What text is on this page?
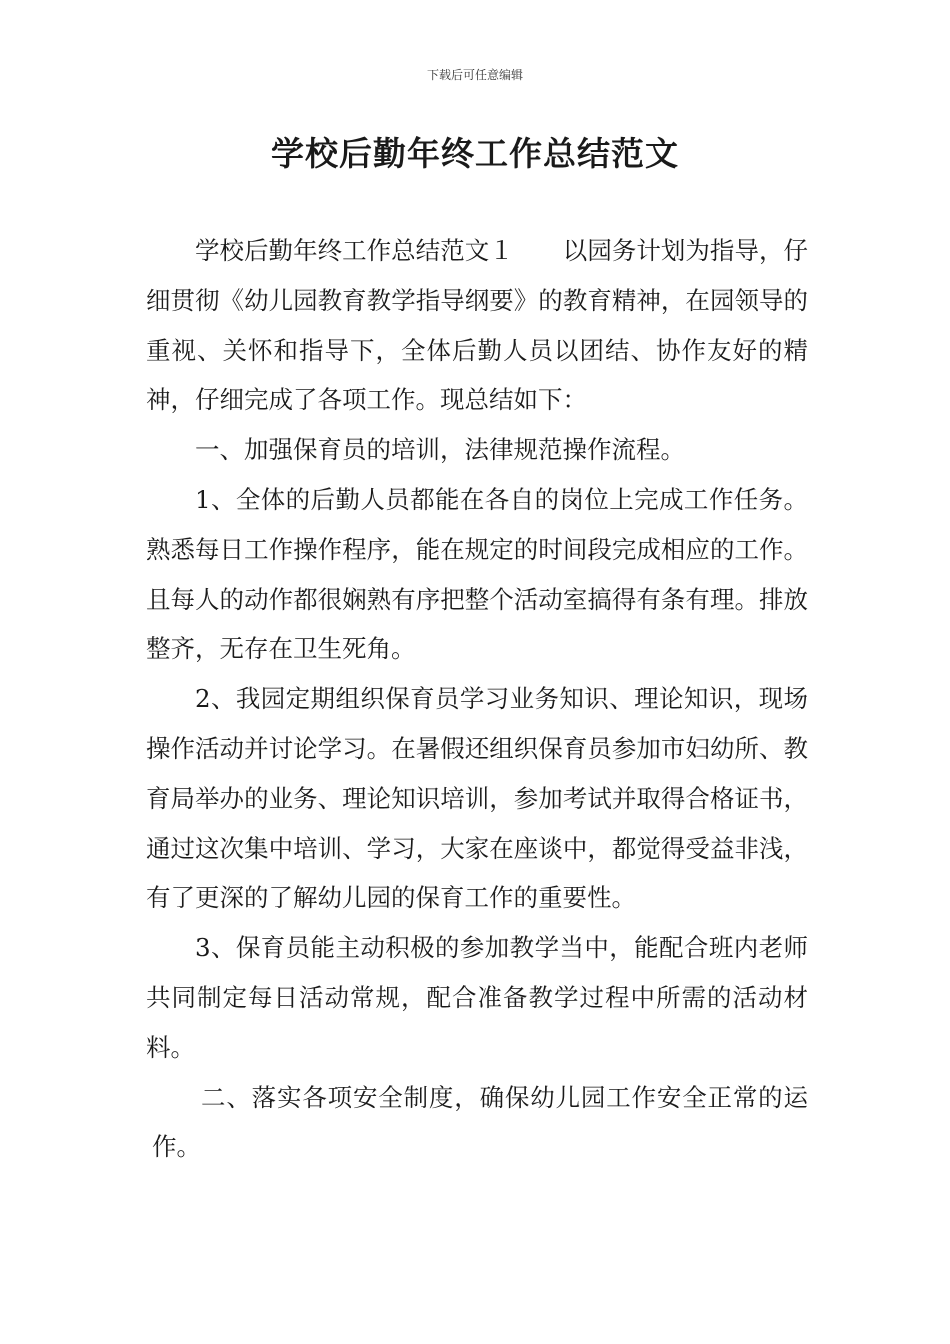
下载后可任意编辑
学校后勤年终工作总结范文

学校后勤年终工作总结范文１　　以园务计划为指导，仔细贯彻《幼儿园教育教学指导纲要》的教育精神，在园领导的重视、关怀和指导下，全体后勤人员以团结、协作友好的精神，仔细完成了各项工作。现总结如下：

一、加强保育员的培训，法律规范操作流程。

1、全体的后勤人员都能在各自的岗位上完成工作任务。熟悉每日工作操作程序，能在规定的时间段完成相应的工作。且每人的动作都很娴熟有序把整个活动室搞得有条有理。排放整齐，无存在卫生死角。

2、我园定期组织保育员学习业务知识、理论知识，现场操作活动并讨论学习。在暑假还组织保育员参加市妇幼所、教育局举办的业务、理论知识培训，参加考试并取得合格证书，通过这次集中培训、学习，大家在座谈中，都觉得受益非浅，有了更深的了解幼儿园的保育工作的重要性。

3、保育员能主动积极的参加教学当中，能配合班内老师共同制定每日活动常规，配合准备教学过程中所需的活动材料。

二、落实各项安全制度，确保幼儿园工作安全正常的运作。
